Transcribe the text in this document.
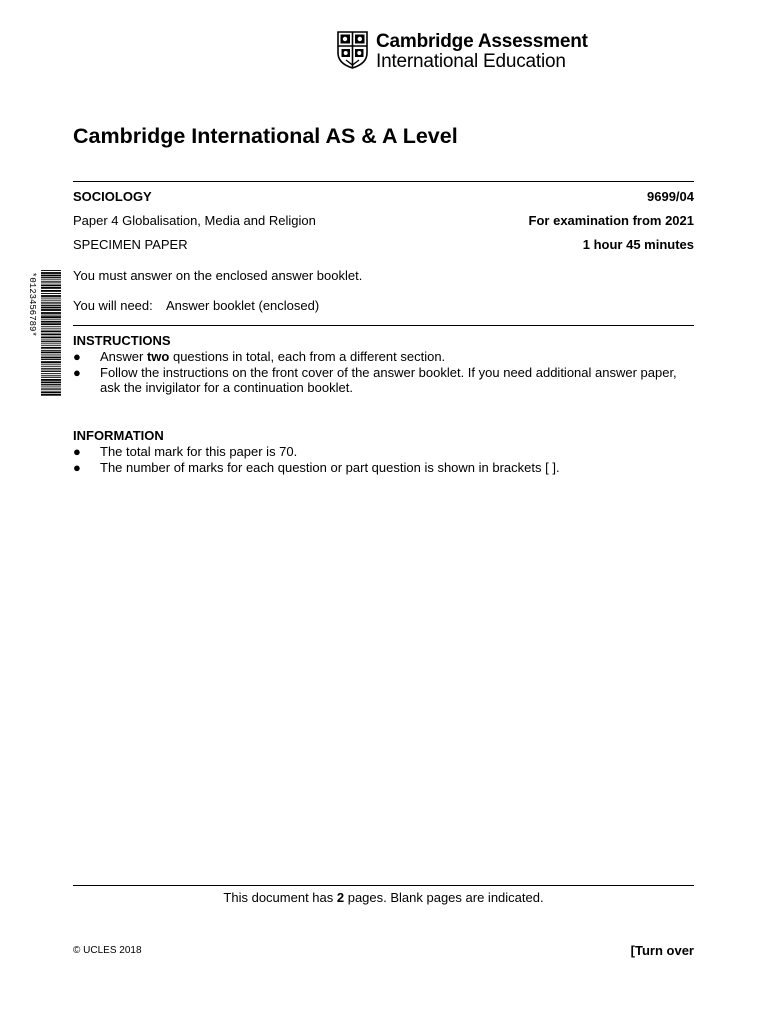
Cambridge Assessment
International Education
Cambridge International AS & A Level
SOCIOLOGY	9699/04
Paper 4 Globalisation, Media and Religion	For examination from 2021
SPECIMEN PAPER	1 hour 45 minutes
You must answer on the enclosed answer booklet.
You will need: Answer booklet (enclosed)
INSTRUCTIONS
● Answer two questions in total, each from a different section.
● Follow the instructions on the front cover of the answer booklet. If you need additional answer paper, ask the invigilator for a continuation booklet.
INFORMATION
● The total mark for this paper is 70.
● The number of marks for each question or part question is shown in brackets [ ].
*0123456789*
This document has 2 pages. Blank pages are indicated.
© UCLES 2018	[Turn over
